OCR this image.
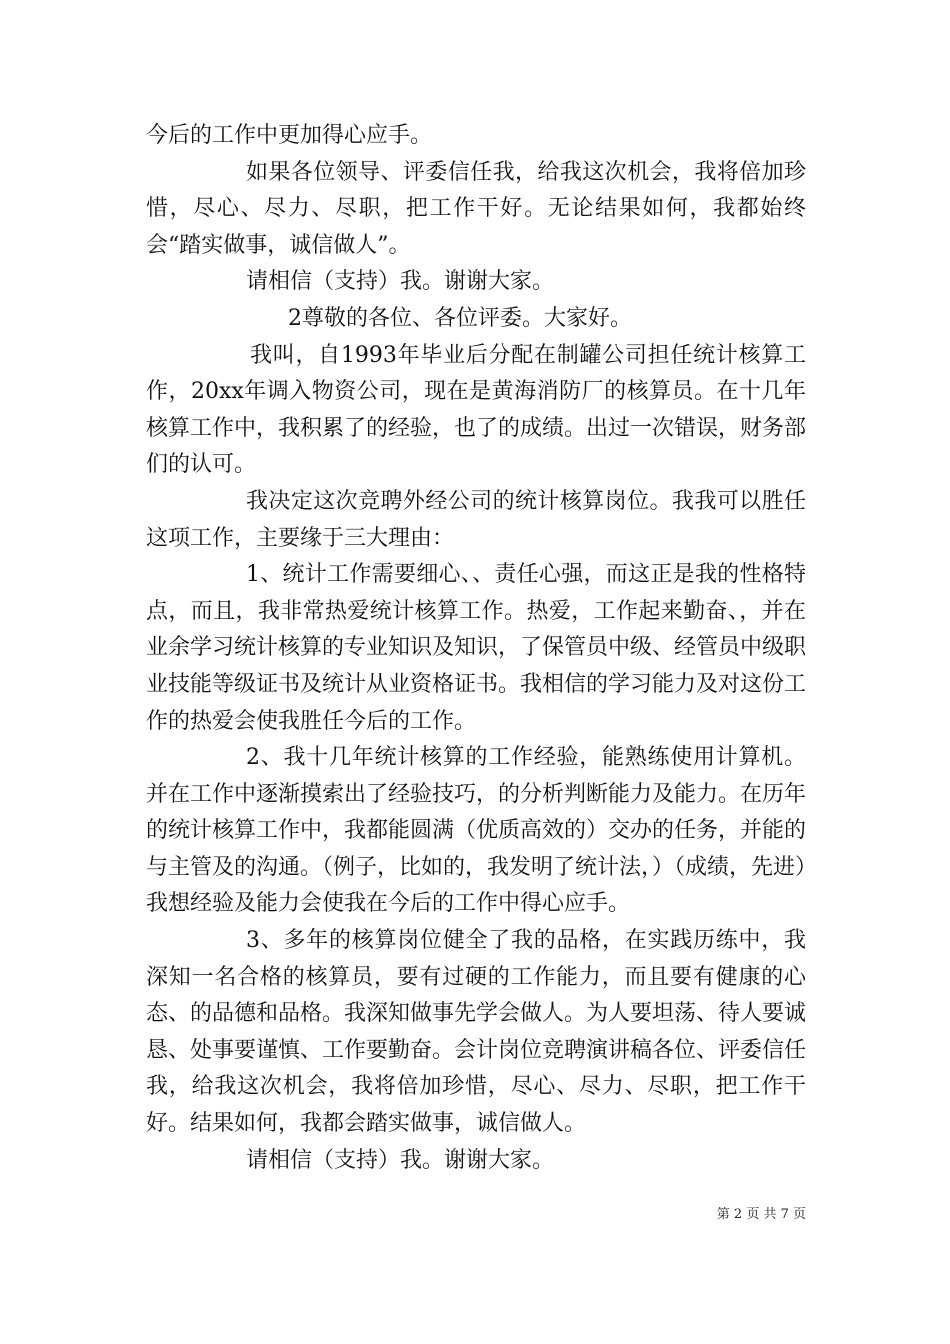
今后的工作中更加得心应手。

如果各位领导、评委信任我，给我这次机会，我将倍加珍惜，尽心、尽力、尽职，把工作干好。无论结果如何，我都始终会“踏实做事，诚信做人”。

请相信（支持）我。谢谢大家。

2尊敬的各位、各位评委。大家好。

我叫，自1993年毕业后分配在制罐公司担任统计核算工作，20xx年调入物资公司，现在是黄海消防厂的核算员。在十几年核算工作中，我积累了的经验，也了的成绩。出过一次错误，财务部们的认可。

我决定这次竞聘外经公司的统计核算岗位。我我可以胜任这项工作，主要缘于三大理由：

1、统计工作需要细心、、责任心强，而这正是我的性格特点，而且，我非常热爱统计核算工作。热爱，工作起来勤奋、，并在业余学习统计核算的专业知识及知识，了保管员中级、经管员中级职业技能等级证书及统计从业资格证书。我相信的学习能力及对这份工作的热爱会使我胜任今后的工作。

2、我十几年统计核算的工作经验，能熟练使用计算机。并在工作中逐渐摸索出了经验技巧，的分析判断能力及能力。在历年的统计核算工作中，我都能圆满（优质高效的）交办的任务，并能的与主管及的沟通。（例子，比如的，我发明了统计法，）（成绩，先进）我想经验及能力会使我在今后的工作中得心应手。

3、多年的核算岗位健全了我的品格，在实践历练中，我深知一名合格的核算员，要有过硬的工作能力，而且要有健康的心态、的品德和品格。我深知做事先学会做人。为人要坦荡、待人要诚恳、处事要谨慎、工作要勤奋。会计岗位竞聘演讲稿各位、评委信任我，给我这次机会，我将倍加珍惜，尽心、尽力、尽职，把工作干好。结果如何，我都会踏实做事，诚信做人。

请相信（支持）我。谢谢大家。

第 2 页 共 7 页
